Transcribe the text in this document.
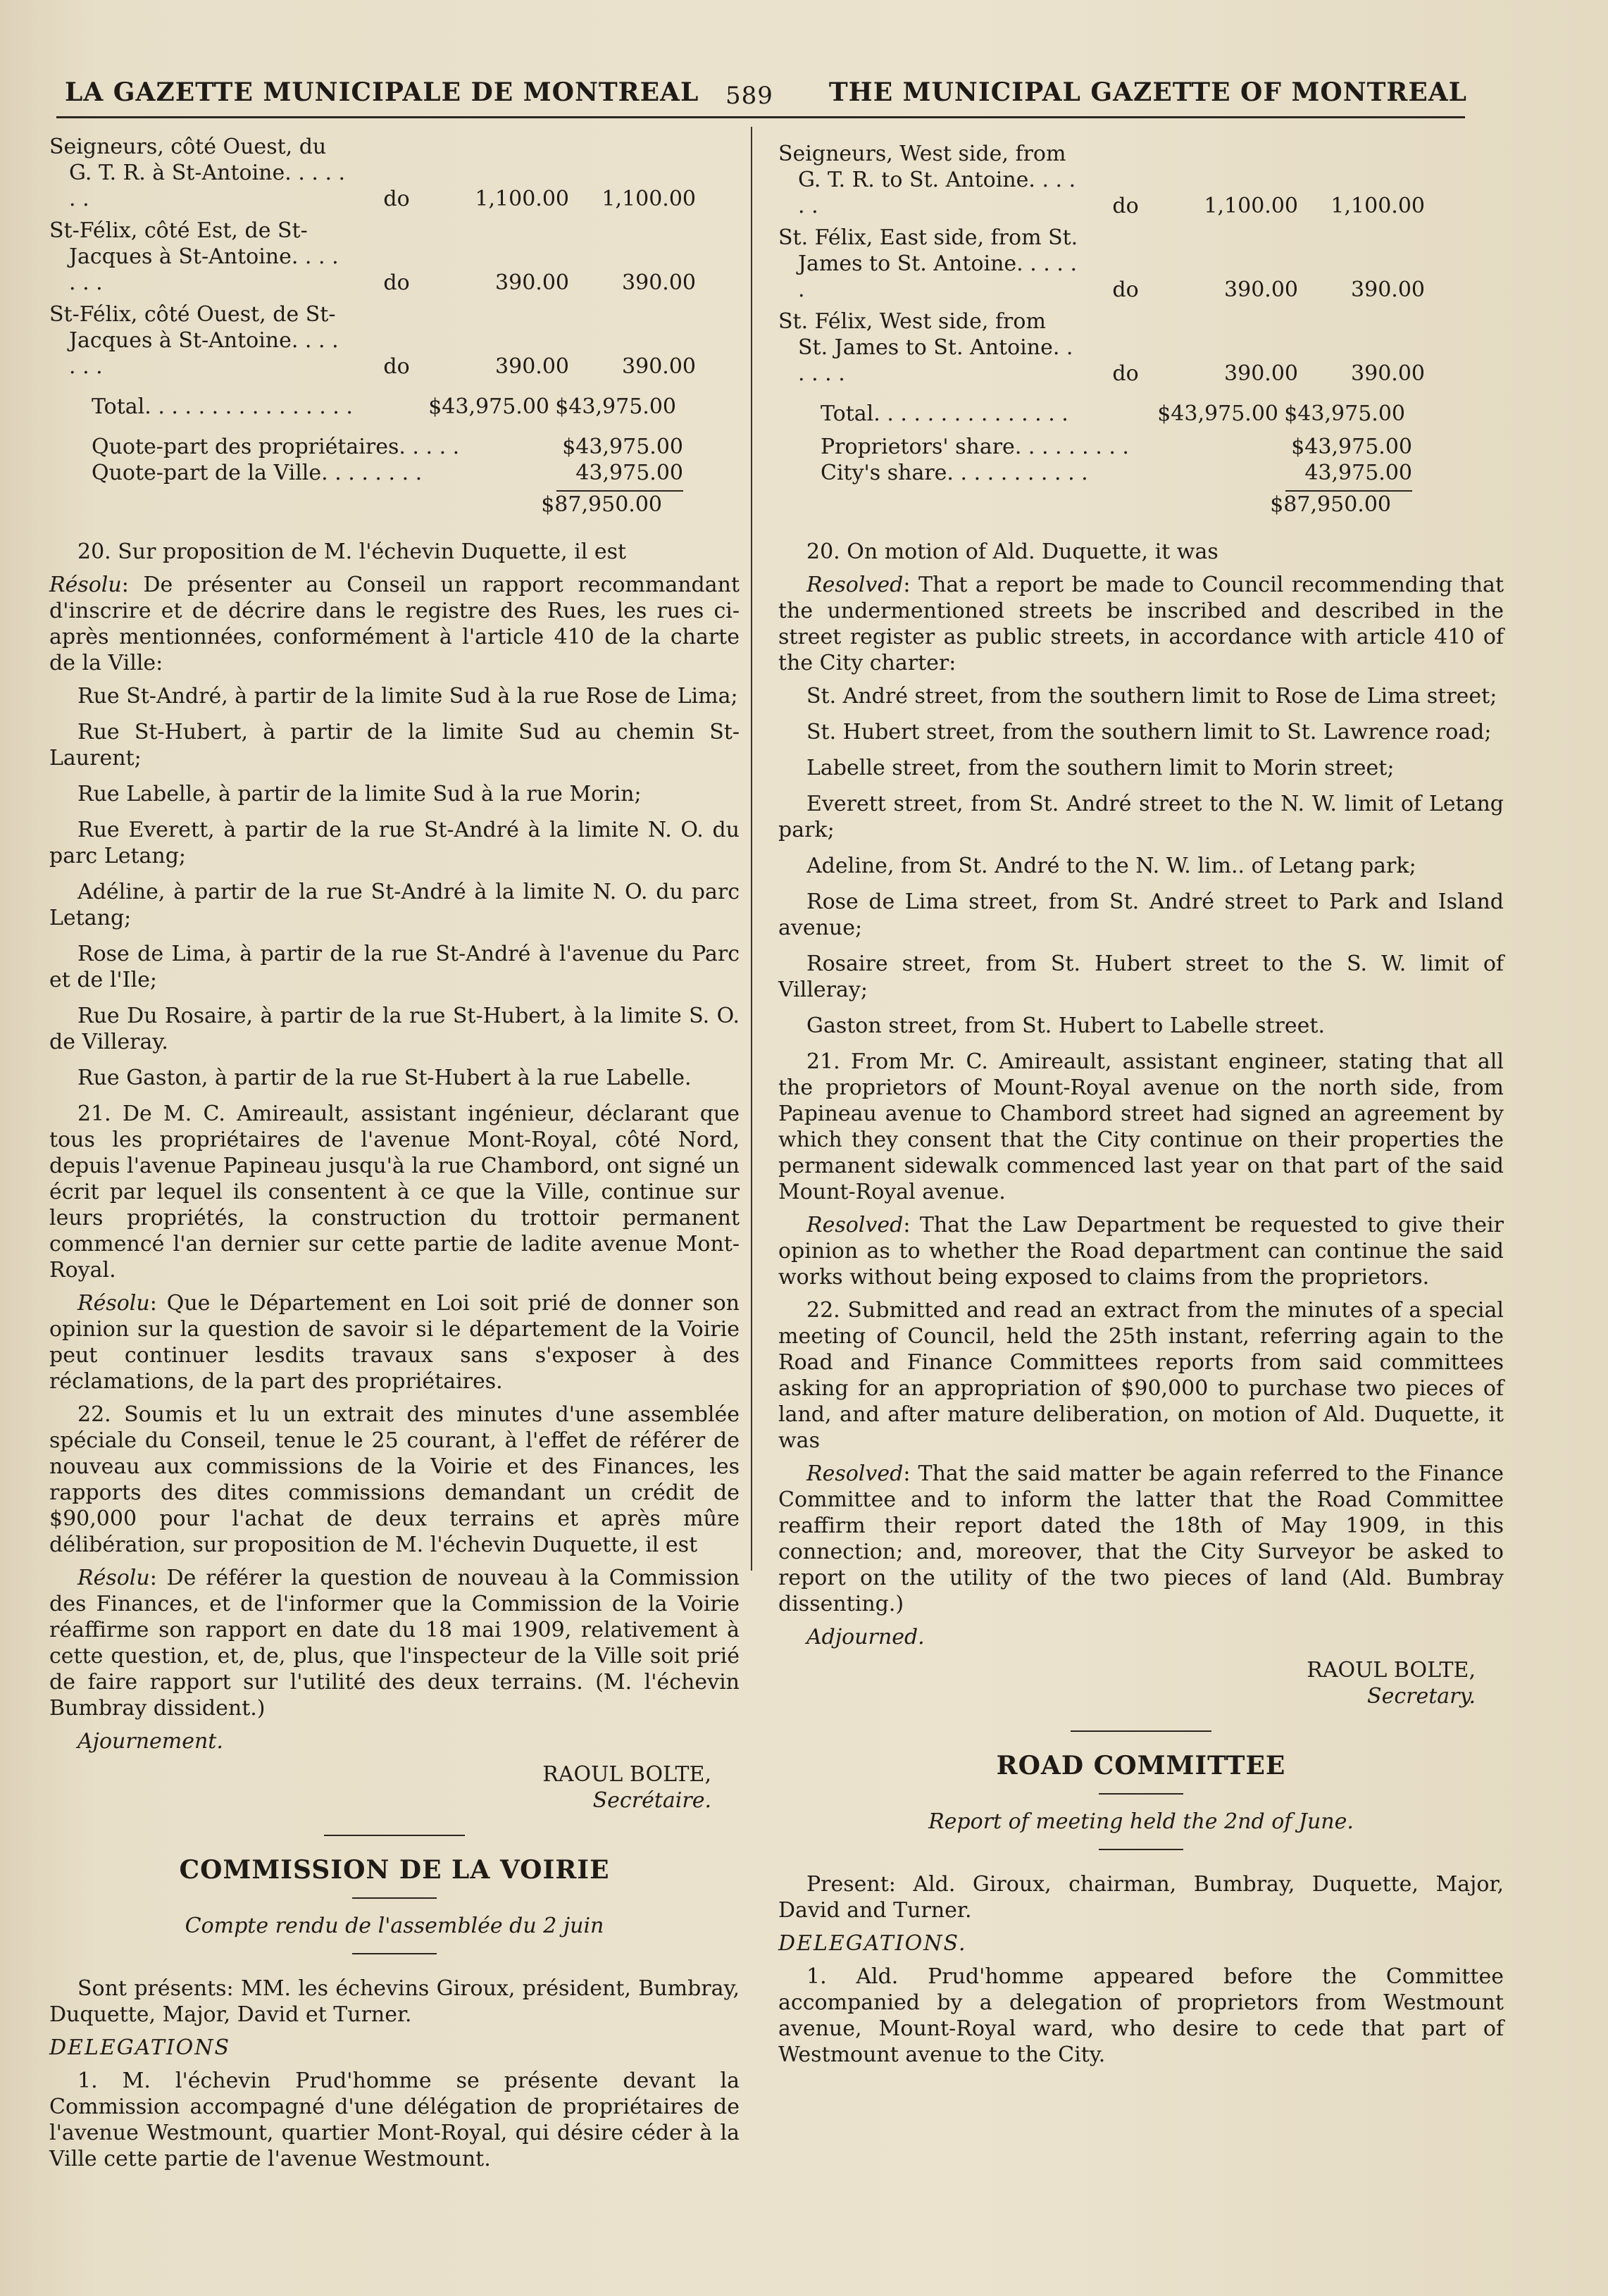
LA GAZETTE MUNICIPALE DE MONTREAL 589 THE MUNICIPAL GAZETTE OF MONTREAL
Seigneurs, côté Ouest, du G. T. R. à St-Antoine. . . . . . .	do	1,100.00	1,100.00
St-Félix, côté Est, de St-Jacques à St-Antoine. . . . . . .	do	390.00	390.00
St-Félix, côté Ouest, de St-Jacques à St-Antoine. . . . . . .	do	390.00	390.00
Total. . . . . . . . . . . . . . . .	$43,975.00 $43,975.00
Quote-part des propriétaires. . . . .	$43,975.00
Quote-part de la Ville. . . . . . . .	43,975.00
$87,950.00

20. Sur proposition de M. l'échevin Duquette, il est

Résolu: De présenter au Conseil un rapport recommandant d'inscrire et de décrire dans le registre des Rues, les rues ci-après mentionnées, conformément à l'article 410 de la charte de la Ville:

Rue St-André, à partir de la limite Sud à la rue Rose de Lima;

Rue St-Hubert, à partir de la limite Sud au chemin St-Laurent;

Rue Labelle, à partir de la limite Sud à la rue Morin;

Rue Everett, à partir de la rue St-André à la limite N. O. du parc Letang;

Adéline, à partir de la rue St-André à la limite N. O. du parc Letang;

Rose de Lima, à partir de la rue St-André à l'avenue du Parc et de l'Ile;

Rue Du Rosaire, à partir de la rue St-Hubert, à la limite S. O. de Villeray.

Rue Gaston, à partir de la rue St-Hubert à la rue Labelle.

21. De M. C. Amireault, assistant ingénieur, déclarant que tous les propriétaires de l'avenue Mont-Royal, côté Nord, depuis l'avenue Papineau jusqu'à la rue Chambord, ont signé un écrit par lequel ils consentent à ce que la Ville, continue sur leurs propriétés, la construction du trottoir permanent commencé l'an dernier sur cette partie de ladite avenue Mont-Royal.

Résolu: Que le Département en Loi soit prié de donner son opinion sur la question de savoir si le département de la Voirie peut continuer lesdits travaux sans s'exposer à des réclamations, de la part des propriétaires.

22. Soumis et lu un extrait des minutes d'une assemblée spéciale du Conseil, tenue le 25 courant, à l'effet de référer de nouveau aux commissions de la Voirie et des Finances, les rapports des dites commissions demandant un crédit de $90,000 pour l'achat de deux terrains et après mûre délibération, sur proposition de M. l'échevin Duquette, il est

Résolu: De référer la question de nouveau à la Commission des Finances, et de l'informer que la Commission de la Voirie réaffirme son rapport en date du 18 mai 1909, relativement à cette question, et, de, plus, que l'inspecteur de la Ville soit prié de faire rapport sur l'utilité des deux terrains. (M. l'échevin Bumbray dissident.)

Ajournement.

RAOUL BOLTE,
Secrétaire.
COMMISSION DE LA VOIRIE
Compte rendu de l'assemblée du 2 juin

Sont présents: MM. les échevins Giroux, président, Bumbray, Duquette, Major, David et Turner.

DELEGATIONS

1. M. l'échevin Prud'homme se présente devant la Commission accompagné d'une délégation de propriétaires de l'avenue Westmount, quartier Mont-Royal, qui désire céder à la Ville cette partie de l'avenue Westmount.

Seigneurs, West side, from G. T. R. to St. Antoine. . . . . .	do	1,100.00	1,100.00
St. Félix, East side, from St. James to St. Antoine. . . . . .	do	390.00	390.00
St. Félix, West side, from St. James to St. Antoine. . . . . .	do	390.00	390.00
Total. . . . . . . . . . . . . . .	$43,975.00 $43,975.00
Proprietors' share. . . . . . . . .	$43,975.00
City's share. . . . . . . . . . .	43,975.00
$87,950.00

20. On motion of Ald. Duquette, it was

Resolved: That a report be made to Council recommending that the undermentioned streets be inscribed and described in the street register as public streets, in accordance with article 410 of the City charter:

St. André street, from the southern limit to Rose de Lima street;

St. Hubert street, from the southern limit to St. Lawrence road;

Labelle street, from the southern limit to Morin street;

Everett street, from St. André street to the N. W. limit of Letang park;

Adeline, from St. André to the N. W. lim.. of Letang park;

Rose de Lima street, from St. André street to Park and Island avenue;

Rosaire street, from St. Hubert street to the S. W. limit of Villeray;

Gaston street, from St. Hubert to Labelle street.

21. From Mr. C. Amireault, assistant engineer, stating that all the proprietors of Mount-Royal avenue on the north side, from Papineau avenue to Chambord street had signed an agreement by which they consent that the City continue on their properties the permanent sidewalk commenced last year on that part of the said Mount-Royal avenue.

Resolved: That the Law Department be requested to give their opinion as to whether the Road department can continue the said works without being exposed to claims from the proprietors.

22. Submitted and read an extract from the minutes of a special meeting of Council, held the 25th instant, referring again to the Road and Finance Committees reports from said committees asking for an appropriation of $90,000 to purchase two pieces of land, and after mature deliberation, on motion of Ald. Duquette, it was

Resolved: That the said matter be again referred to the Finance Committee and to inform the latter that the Road Committee reaffirm their report dated the 18th of May 1909, in this connection; and, moreover, that the City Surveyor be asked to report on the utility of the two pieces of land (Ald. Bumbray dissenting.)

Adjourned.

RAOUL BOLTE,
Secretary.
ROAD COMMITTEE
Report of meeting held the 2nd of June.

Present: Ald. Giroux, chairman, Bumbray, Duquette, Major, David and Turner.

DELEGATIONS.

1. Ald. Prud'homme appeared before the Committee accompanied by a delegation of proprietors from Westmount avenue, Mount-Royal ward, who desire to cede that part of Westmount avenue to the City.
